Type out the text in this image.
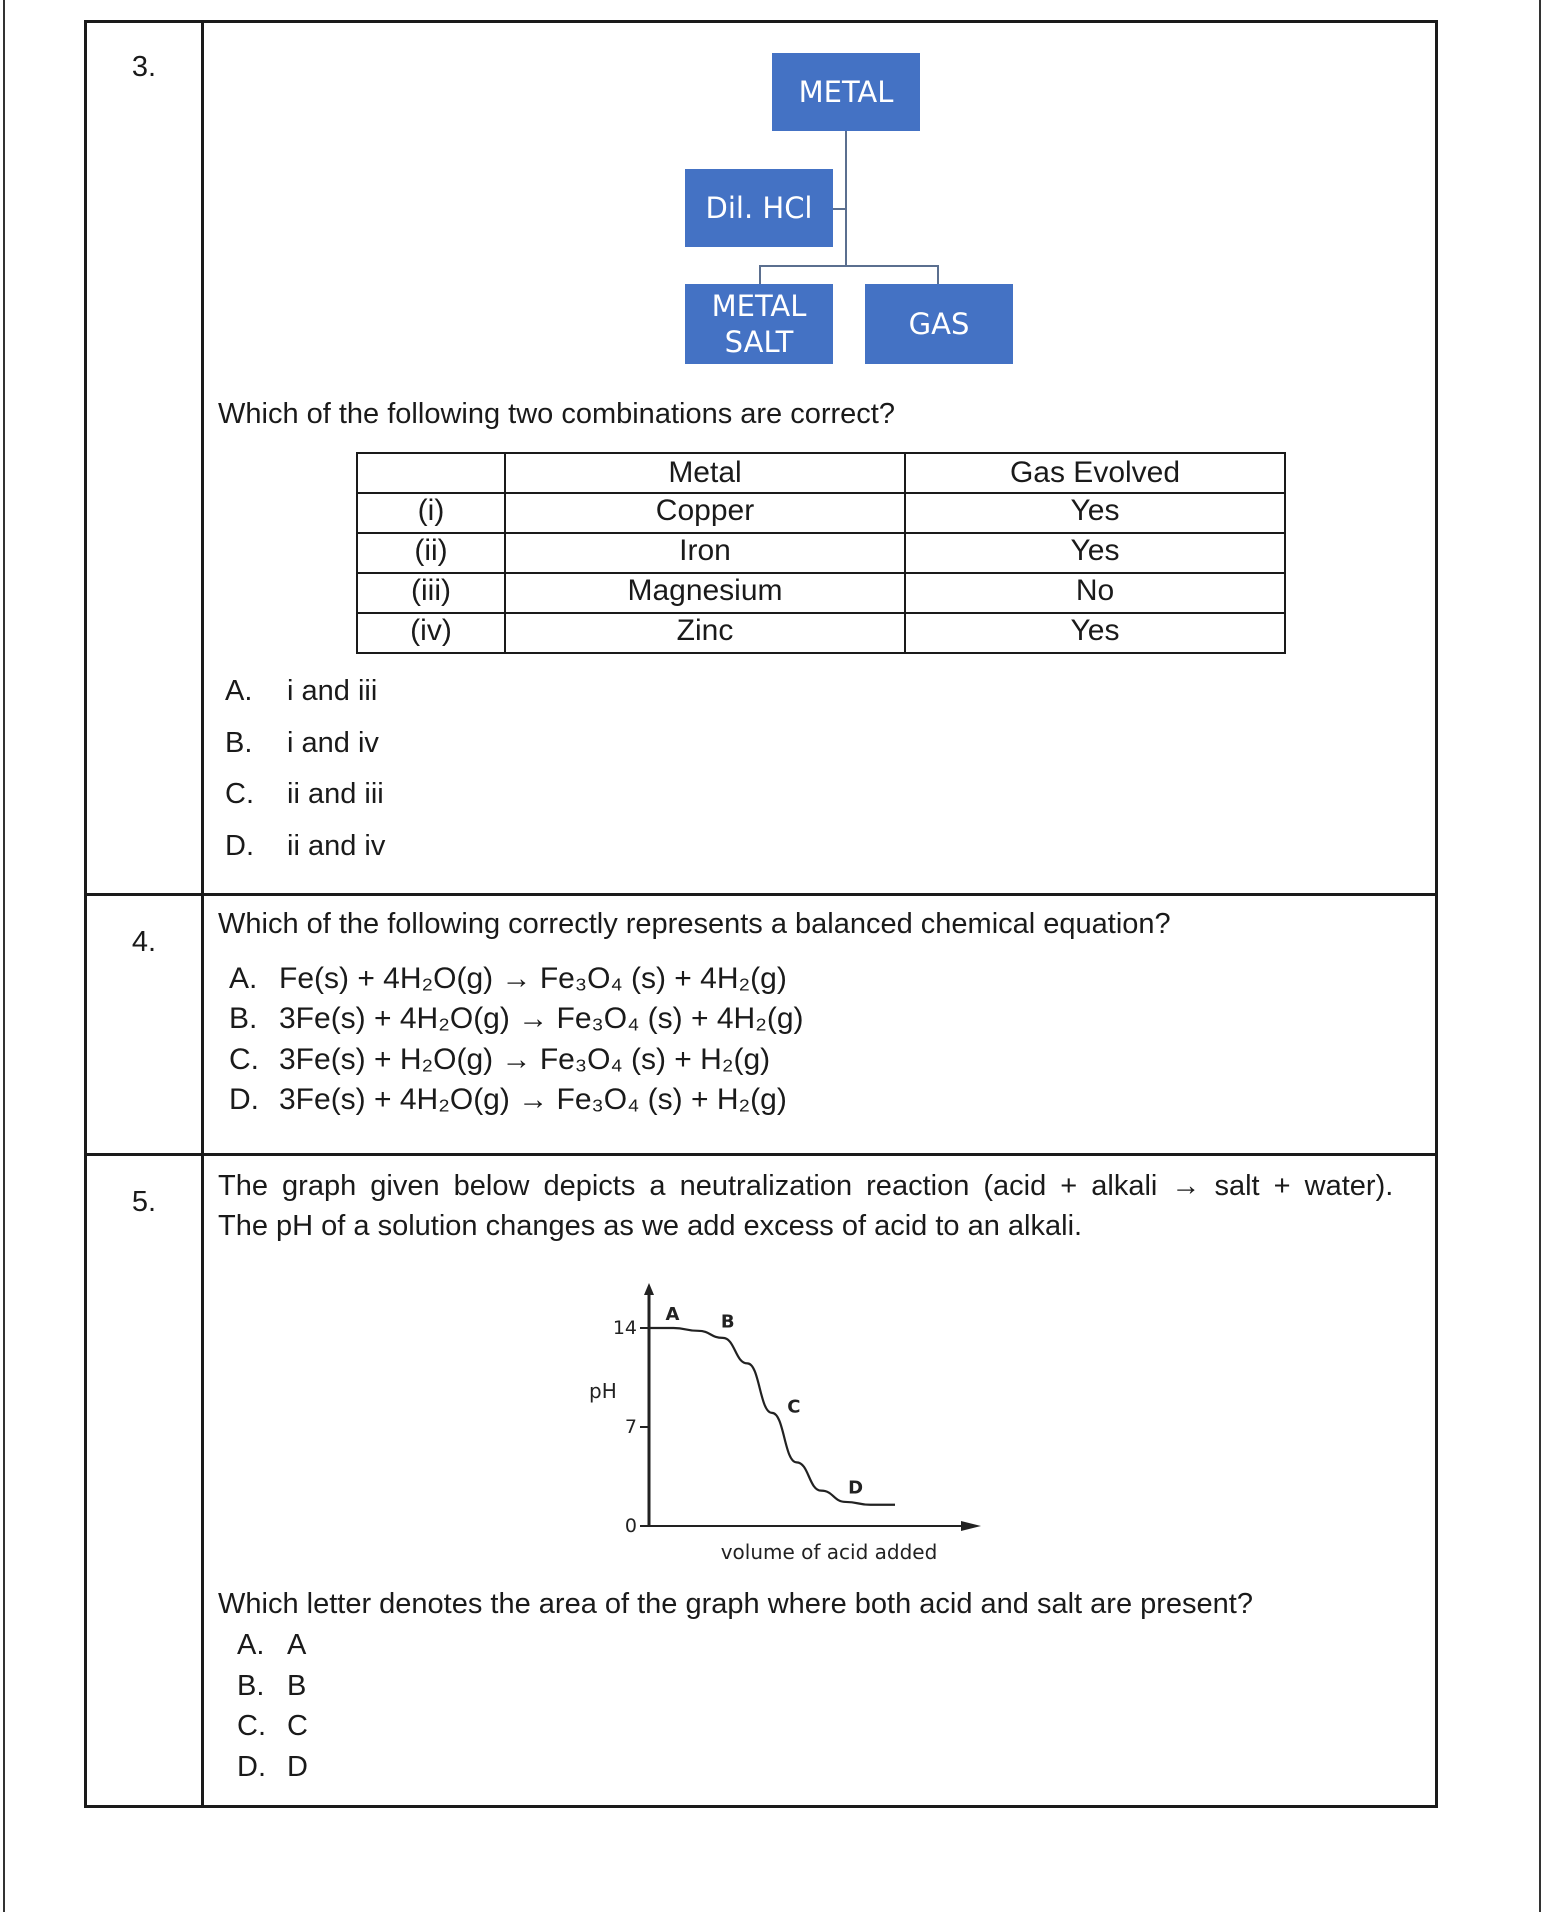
3.

METAL
Dil. HCl
METAL
SALT
GAS
Which of the following two combinations are correct?
	Metal	Gas Evolved
(i)	Copper	Yes
(ii)	Iron	Yes
(iii)	Magnesium	No
(iv)	Zinc	Yes
A. i and iii
B. i and iv
C. ii and iii
D. ii and iv

4.

Which of the following correctly represents a balanced chemical equation?
A. Fe(s) + 4H₂O(g) → Fe₃O₄ (s) + 4H₂(g)
B. 3Fe(s) + 4H₂O(g) → Fe₃O₄ (s) + 4H₂(g)
C. 3Fe(s) + H₂O(g) → Fe₃O₄ (s) + H₂(g)
D. 3Fe(s) + 4H₂O(g) → Fe₃O₄ (s) + H₂(g)

5.	The graph given below depicts a neutralization reaction (acid + alkali → salt + water).
The pH of a solution changes as we add excess of acid to an alkali.
0
7
14
pH
volume of acid added
A B
C
D
Which letter denotes the area of the graph where both acid and salt are present?
A. A
B. B
C. C
D. D
